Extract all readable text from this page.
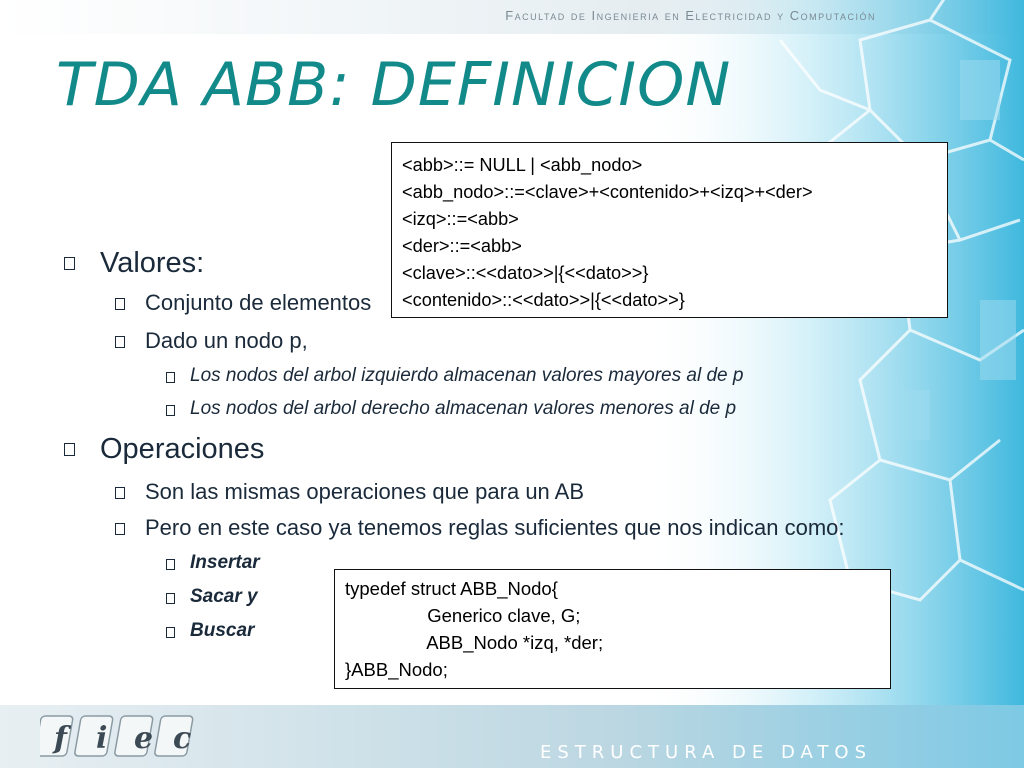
Facultad de Ingenieria en Electricidad y Computación
TDA ABB: DEFINICION
Valores:
Conjunto de elementos
Dado un nodo p,
Los nodos del arbol izquierdo almacenan valores mayores al de p
Los nodos del arbol derecho almacenan valores menores al de p
Operaciones
Son las mismas operaciones que para un AB
Pero en este caso ya tenemos reglas suficientes que nos indican como:
Insertar
Sacar y
Buscar
<abb>::= NULL | <abb_nodo>
<abb_nodo>::=<clave>+<contenido>+<izq>+<der>
<izq>::=<abb>
<der>::=<abb>
<clave>::<<dato>>|{<<dato>>}
<contenido>::<<dato>>|{<<dato>>}
typedef struct ABB_Nodo{
Generico clave, G;
ABB_Nodo *izq, *der;
}ABB_Nodo;
f i e c	ESTRUCTURA DE DATOS
